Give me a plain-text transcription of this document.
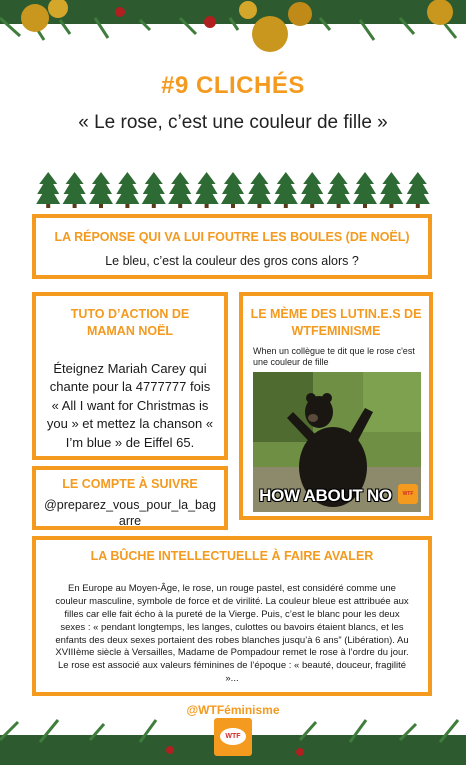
#9 CLICHÉS
« Le rose, c’est une couleur de fille »
LA RÉPONSE QUI VA LUI FOUTRE LES BOULES (DE NOËL)
Le bleu, c’est la couleur des gros cons alors ?
TUTO D’ACTION DE MAMAN NOËL
Éteignez Mariah Carey qui chante pour la 4777777 fois « All I want for Christmas is you » et mettez la chanson « I’m blue » de Eiffel 65.
LE MÈME DES LUTIN.E.S DE WTFEMINISME
When un collègue te dit que le rose c'est une couleur de fille
HOW ABOUT NO	WTF
LE COMPTE À SUIVRE
@preparez_vous_pour_la_bagarre
LA BÛCHE INTELLECTUELLE À FAIRE AVALER
En Europe au Moyen-Âge, le rose, un rouge pastel, est considéré comme une couleur masculine, symbole de force et de virilité. La couleur bleue est attribuée aux filles car elle fait écho à la pureté de la Vierge. Puis, c’est le blanc pour les deux sexes : « pendant longtemps, les langes, culottes ou bavoirs étaient blancs, et les enfants des deux sexes portaient des robes blanches jusqu’à 6 ans” (Libération). Au XVIIIème siècle à Versailles, Madame de Pompadour remet le rose à l’ordre du jour. Le rose est associé aux valeurs féminines de l’époque : « beauté, douceur, fragilité »...
@WTFéminisme
WTF
